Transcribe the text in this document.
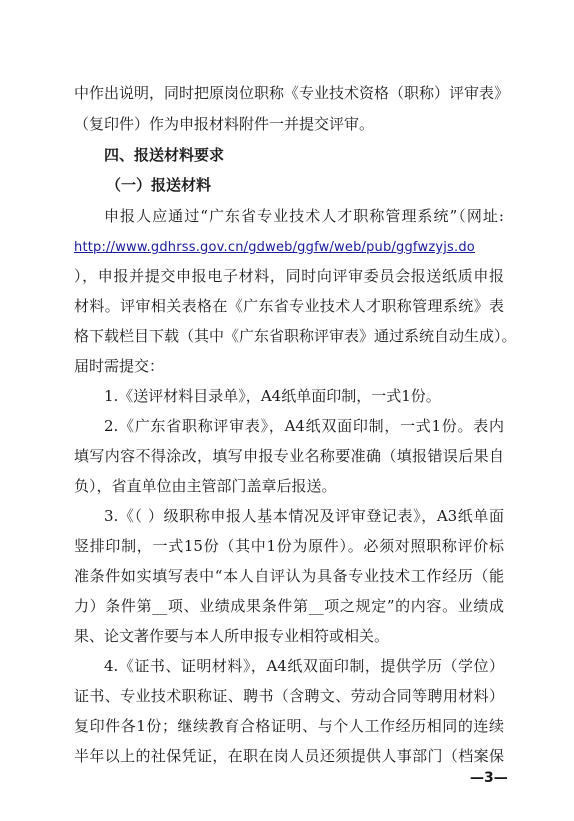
中作出说明，同时把原岗位职称《专业技术资格（职称）评审表》
（复印件）作为申报材料附件一并提交评审。
四、报送材料要求
（一）报送材料
申报人应通过“广东省专业技术人才职称管理系统”（网址:
http://www.gdhrss.gov.cn/gdweb/ggfw/web/pub/ggfwzyjs.do
），申报并提交申报电子材料，同时向评审委员会报送纸质申报
材料。评审相关表格在《广东省专业技术人才职称管理系统》表
格下载栏目下载（其中《广东省职称评审表》通过系统自动生成）。
届时需提交：
1.《送评材料目录单》，A4纸单面印制，一式1份。
2.《广东省职称评审表》，A4纸双面印制，一式1份。表内
填写内容不得涂改，填写申报专业名称要准确（填报错误后果自
负），省直单位由主管部门盖章后报送。
3.《（ ）级职称申报人基本情况及评审登记表》，A3纸单面
竖排印制，一式15份（其中1份为原件）。必须对照职称评价标
准条件如实填写表中“本人自评认为具备专业技术工作经历（能
力）条件第__项、业绩成果条件第__项之规定”的内容。业绩成
果、论文著作要与本人所申报专业相符或相关。
4.《证书、证明材料》，A4纸双面印制，提供学历（学位）
证书、专业技术职称证、聘书（含聘文、劳动合同等聘用材料）
复印件各1份；继续教育合格证明、与个人工作经历相同的连续
半年以上的社保凭证，在职在岗人员还须提供人事部门（档案保
—3—
